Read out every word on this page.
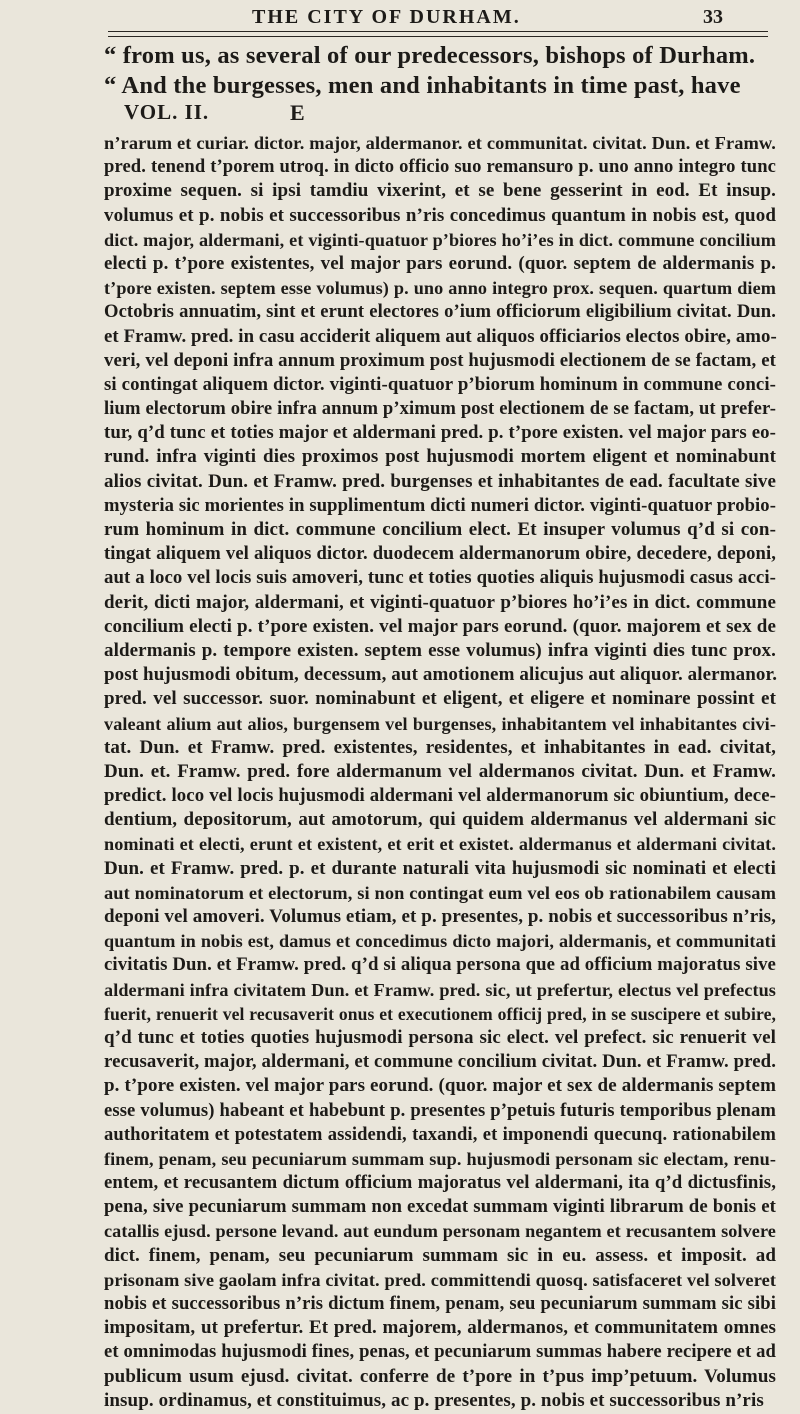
THE CITY OF DURHAM.	33
“ from us, as several of our predecessors, bishops of Durham.
“ And the burgesses, men and inhabitants in time past, have
VOL. II.	E
n’rarum et curiar. dictor. major, aldermanor. et communitat. civitat. Dun. et Framw.
pred. tenend t’porem utroq. in dicto officio suo remansuro p. uno anno integro tunc
proxime sequen. si ipsi tamdiu vixerint, et se bene gesserint in eod. Et insup.
volumus et p. nobis et successoribus n’ris concedimus quantum in nobis est, quod
dict. major, aldermani, et viginti-quatuor p’biores ho’i’es in dict. commune concilium
electi p. t’pore existentes, vel major pars eorund. (quor. septem de aldermanis p.
t’pore existen. septem esse volumus) p. uno anno integro prox. sequen. quartum diem
Octobris annuatim, sint et erunt electores o’ium officiorum eligibilium civitat. Dun.
et Framw. pred. in casu acciderit aliquem aut aliquos officiarios electos obire, amo-
veri, vel deponi infra annum proximum post hujusmodi electionem de se factam, et
si contingat aliquem dictor. viginti-quatuor p’biorum hominum in commune conci-
lium electorum obire infra annum p’ximum post electionem de se factam, ut prefer-
tur, q’d tunc et toties major et aldermani pred. p. t’pore existen. vel major pars eo-
rund. infra viginti dies proximos post hujusmodi mortem eligent et nominabunt
alios civitat. Dun. et Framw. pred. burgenses et inhabitantes de ead. facultate sive
mysteria sic morientes in supplimentum dicti numeri dictor. viginti-quatuor probio-
rum hominum in dict. commune concilium elect. Et insuper volumus q’d si con-
tingat aliquem vel aliquos dictor. duodecem aldermanorum obire, decedere, deponi,
aut a loco vel locis suis amoveri, tunc et toties quoties aliquis hujusmodi casus acci-
derit, dicti major, aldermani, et viginti-quatuor p’biores ho’i’es in dict. commune
concilium electi p. t’pore existen. vel major pars eorund. (quor. majorem et sex de
aldermanis p. tempore existen. septem esse volumus) infra viginti dies tunc prox.
post hujusmodi obitum, decessum, aut amotionem alicujus aut aliquor. alermanor.
pred. vel successor. suor. nominabunt et eligent, et eligere et nominare possint et
valeant alium aut alios, burgensem vel burgenses, inhabitantem vel inhabitantes civi-
tat. Dun. et Framw. pred. existentes, residentes, et inhabitantes in ead. civitat,
Dun. et. Framw. pred. fore aldermanum vel aldermanos civitat. Dun. et Framw.
predict. loco vel locis hujusmodi aldermani vel aldermanorum sic obiuntium, dece-
dentium, depositorum, aut amotorum, qui quidem aldermanus vel aldermani sic
nominati et electi, erunt et existent, et erit et existet. aldermanus et aldermani civitat.
Dun. et Framw. pred. p. et durante naturali vita hujusmodi sic nominati et electi
aut nominatorum et electorum, si non contingat eum vel eos ob rationabilem causam
deponi vel amoveri. Volumus etiam, et p. presentes, p. nobis et successoribus n’ris,
quantum in nobis est, damus et concedimus dicto majori, aldermanis, et communitati
civitatis Dun. et Framw. pred. q’d si aliqua persona que ad officium majoratus sive
aldermani infra civitatem Dun. et Framw. pred. sic, ut prefertur, electus vel prefectus
fuerit, renuerit vel recusaverit onus et executionem officij pred, in se suscipere et subire,
q’d tunc et toties quoties hujusmodi persona sic elect. vel prefect. sic renuerit vel
recusaverit, major, aldermani, et commune concilium civitat. Dun. et Framw. pred.
p. t’pore existen. vel major pars eorund. (quor. major et sex de aldermanis septem
esse volumus) habeant et habebunt p. presentes p’petuis futuris temporibus plenam
authoritatem et potestatem assidendi, taxandi, et imponendi quecunq. rationabilem
finem, penam, seu pecuniarum summam sup. hujusmodi personam sic electam, renu-
entem, et recusantem dictum officium majoratus vel aldermani, ita q’d dictusfinis,
pena, sive pecuniarum summam non excedat summam viginti librarum de bonis et
catallis ejusd. persone levand. aut eundum personam negantem et recusantem solvere
dict. finem, penam, seu pecuniarum summam sic in eu. assess. et imposit. ad
prisonam sive gaolam infra civitat. pred. committendi quosq. satisfaceret vel solveret
nobis et successoribus n’ris dictum finem, penam, seu pecuniarum summam sic sibi
impositam, ut prefertur. Et pred. majorem, aldermanos, et communitatem omnes
et omnimodas hujusmodi fines, penas, et pecuniarum summas habere recipere et ad
publicum usum ejusd. civitat. conferre de t’pore in t’pus imp’petuum. Volumus
insup. ordinamus, et constituimus, ac p. presentes, p. nobis et successoribus n’ris
